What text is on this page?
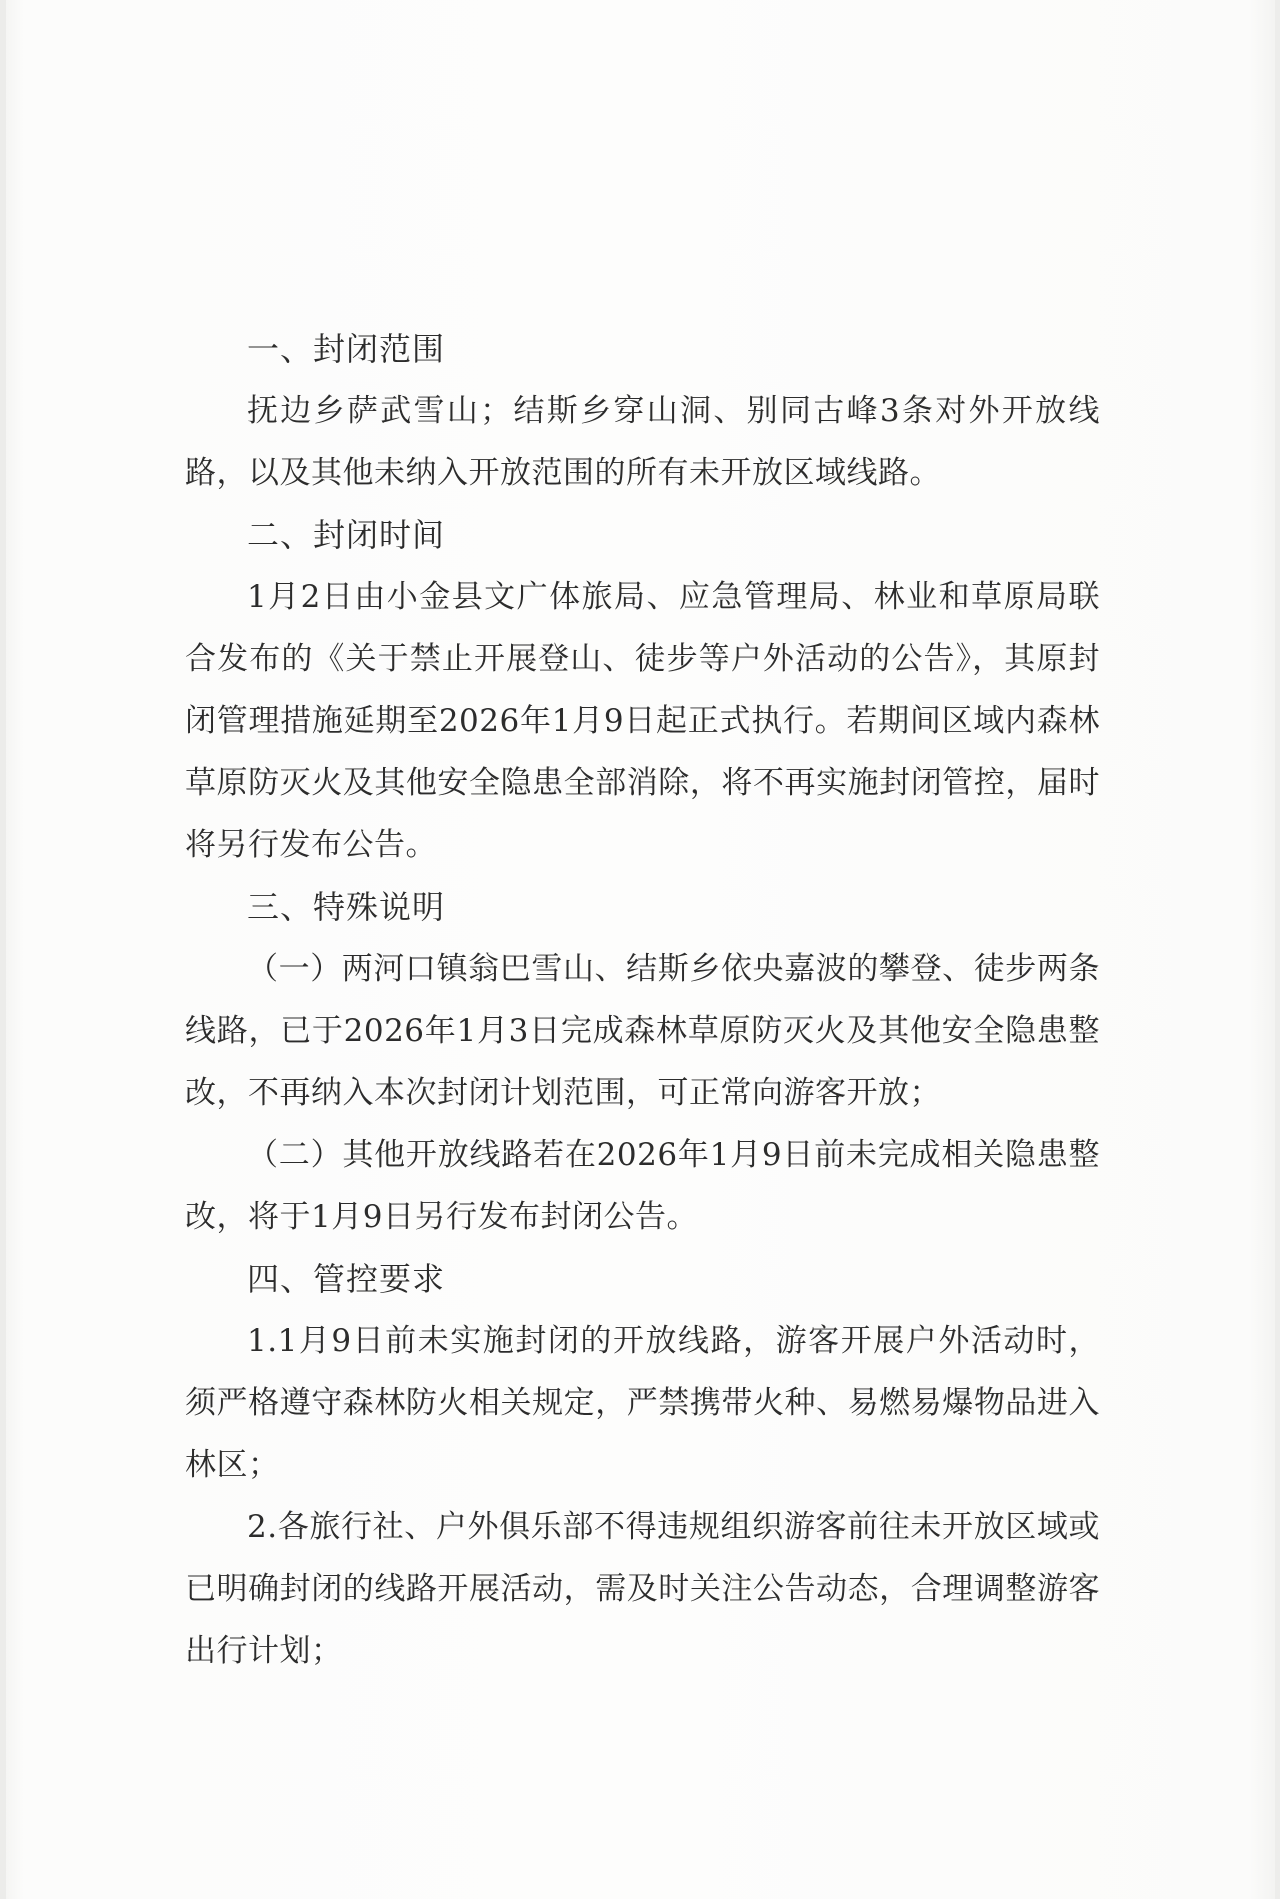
一、封闭范围

抚边乡萨武雪山；结斯乡穿山洞、别同古峰3条对外开放线路，以及其他未纳入开放范围的所有未开放区域线路。

二、封闭时间

1月2日由小金县文广体旅局、应急管理局、林业和草原局联合发布的《关于禁止开展登山、徒步等户外活动的公告》，其原封闭管理措施延期至2026年1月9日起正式执行。若期间区域内森林草原防灭火及其他安全隐患全部消除，将不再实施封闭管控，届时将另行发布公告。

三、特殊说明

（一）两河口镇翁巴雪山、结斯乡依央嘉波的攀登、徒步两条线路，已于2026年1月3日完成森林草原防灭火及其他安全隐患整改，不再纳入本次封闭计划范围，可正常向游客开放；

（二）其他开放线路若在2026年1月9日前未完成相关隐患整改，将于1月9日另行发布封闭公告。

四、管控要求

1.1月9日前未实施封闭的开放线路，游客开展户外活动时，须严格遵守森林防火相关规定，严禁携带火种、易燃易爆物品进入林区；

2.各旅行社、户外俱乐部不得违规组织游客前往未开放区域或已明确封闭的线路开展活动，需及时关注公告动态，合理调整游客出行计划；
